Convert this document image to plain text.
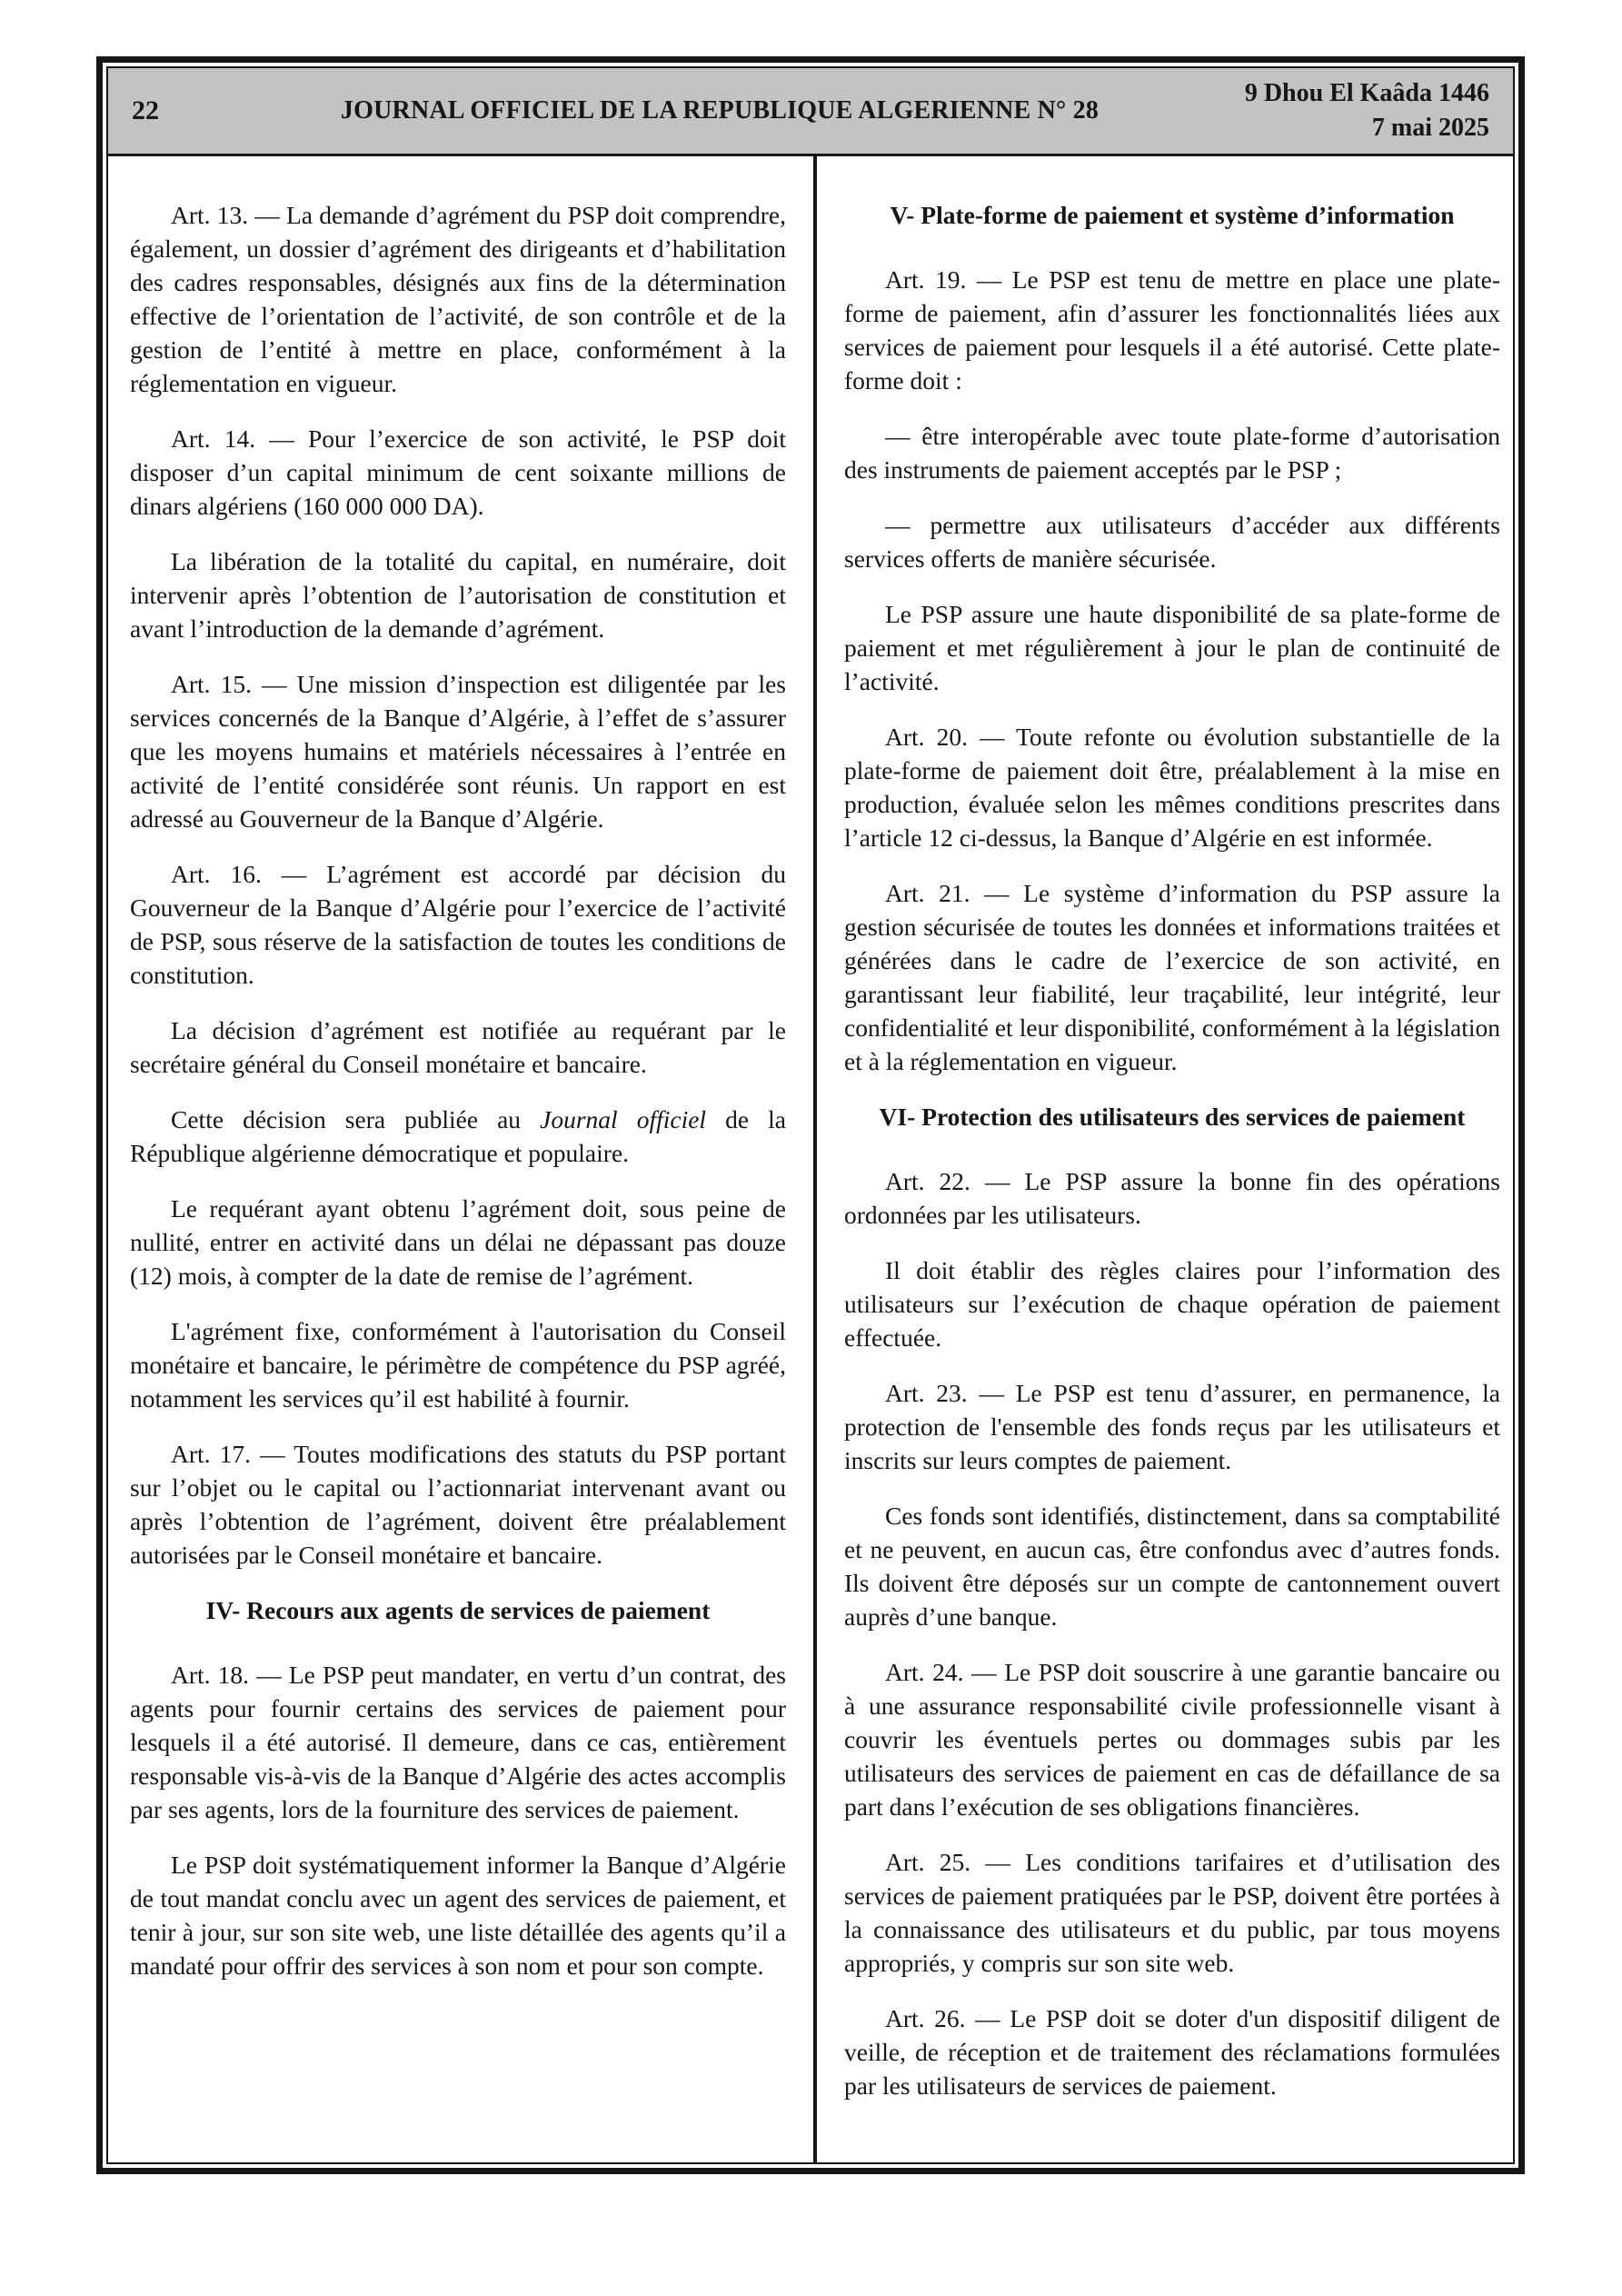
22	JOURNAL OFFICIEL DE LA REPUBLIQUE ALGERIENNE N° 28
9 Dhou El Kaâda 1446
7 mai 2025

Art. 13. — La demande d’agrément du PSP doit comprendre, également, un dossier d’agrément des dirigeants et d’habilitation des cadres responsables, désignés aux fins de la détermination effective de l’orientation de l’activité, de son contrôle et de la gestion de l’entité à mettre en place, conformément à la réglementation en vigueur.

Art. 14. — Pour l’exercice de son activité, le PSP doit disposer d’un capital minimum de cent soixante millions de dinars algériens (160 000 000 DA).

La libération de la totalité du capital, en numéraire, doit intervenir après l’obtention de l’autorisation de constitution et avant l’introduction de la demande d’agrément.

Art. 15. — Une mission d’inspection est diligentée par les services concernés de la Banque d’Algérie, à l’effet de s’assurer que les moyens humains et matériels nécessaires à l’entrée en activité de l’entité considérée sont réunis. Un rapport en est adressé au Gouverneur de la Banque d’Algérie.

Art. 16. — L’agrément est accordé par décision du Gouverneur de la Banque d’Algérie pour l’exercice de l’activité de PSP, sous réserve de la satisfaction de toutes les conditions de constitution.

La décision d’agrément est notifiée au requérant par le secrétaire général du Conseil monétaire et bancaire.

Cette décision sera publiée au Journal officiel de la République algérienne démocratique et populaire.

Le requérant ayant obtenu l’agrément doit, sous peine de nullité, entrer en activité dans un délai ne dépassant pas douze (12) mois, à compter de la date de remise de l’agrément.

L'agrément fixe, conformément à l'autorisation du Conseil monétaire et bancaire, le périmètre de compétence du PSP agréé, notamment les services qu’il est habilité à fournir.

Art. 17. — Toutes modifications des statuts du PSP portant sur l’objet ou le capital ou l’actionnariat intervenant avant ou après l’obtention de l’agrément, doivent être préalablement autorisées par le Conseil monétaire et bancaire.

IV- Recours aux agents de services de paiement

Art. 18. — Le PSP peut mandater, en vertu d’un contrat, des agents pour fournir certains des services de paiement pour lesquels il a été autorisé. Il demeure, dans ce cas, entièrement responsable vis-à-vis de la Banque d’Algérie des actes accomplis par ses agents, lors de la fourniture des services de paiement.

Le PSP doit systématiquement informer la Banque d’Algérie de tout mandat conclu avec un agent des services de paiement, et tenir à jour, sur son site web, une liste détaillée des agents qu’il a mandaté pour offrir des services à son nom et pour son compte.

V- Plate-forme de paiement et système d’information

Art. 19. — Le PSP est tenu de mettre en place une plate-forme de paiement, afin d’assurer les fonctionnalités liées aux services de paiement pour lesquels il a été autorisé. Cette plate-forme doit :

— être interopérable avec toute plate-forme d’autorisation des instruments de paiement acceptés par le PSP ;

— permettre aux utilisateurs d’accéder aux différents services offerts de manière sécurisée.

Le PSP assure une haute disponibilité de sa plate-forme de paiement et met régulièrement à jour le plan de continuité de l’activité.

Art. 20. — Toute refonte ou évolution substantielle de la plate-forme de paiement doit être, préalablement à la mise en production, évaluée selon les mêmes conditions prescrites dans l’article 12 ci-dessus, la Banque d’Algérie en est informée.

Art. 21. — Le système d’information du PSP assure la gestion sécurisée de toutes les données et informations traitées et générées dans le cadre de l’exercice de son activité, en garantissant leur fiabilité, leur traçabilité, leur intégrité, leur confidentialité et leur disponibilité, conformément à la législation et à la réglementation en vigueur.

VI- Protection des utilisateurs des services de paiement

Art. 22. — Le PSP assure la bonne fin des opérations ordonnées par les utilisateurs.

Il doit établir des règles claires pour l’information des utilisateurs sur l’exécution de chaque opération de paiement effectuée.

Art. 23. — Le PSP est tenu d’assurer, en permanence, la protection de l'ensemble des fonds reçus par les utilisateurs et inscrits sur leurs comptes de paiement.

Ces fonds sont identifiés, distinctement, dans sa comptabilité et ne peuvent, en aucun cas, être confondus avec d’autres fonds. Ils doivent être déposés sur un compte de cantonnement ouvert auprès d’une banque.

Art. 24. — Le PSP doit souscrire à une garantie bancaire ou à une assurance responsabilité civile professionnelle visant à couvrir les éventuels pertes ou dommages subis par les utilisateurs des services de paiement en cas de défaillance de sa part dans l’exécution de ses obligations financières.

Art. 25. — Les conditions tarifaires et d’utilisation des services de paiement pratiquées par le PSP, doivent être portées à la connaissance des utilisateurs et du public, par tous moyens appropriés, y compris sur son site web.

Art. 26. — Le PSP doit se doter d'un dispositif diligent de veille, de réception et de traitement des réclamations formulées par les utilisateurs de services de paiement.
